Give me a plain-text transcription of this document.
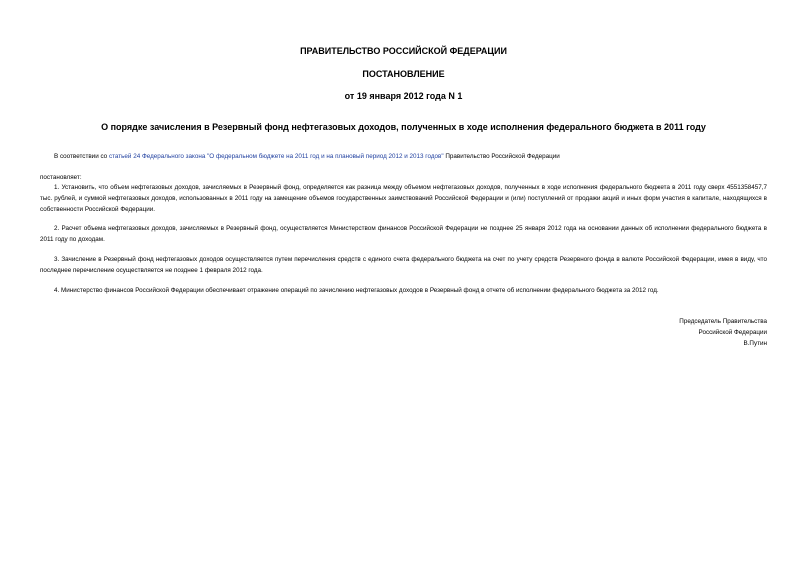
ПРАВИТЕЛЬСТВО РОССИЙСКОЙ ФЕДЕРАЦИИ
ПОСТАНОВЛЕНИЕ
от 19 января 2012 года N 1
О порядке зачисления в Резервный фонд нефтегазовых доходов, полученных в ходе исполнения федерального бюджета в 2011 году
В соответствии со статьей 24 Федерального закона "О федеральном бюджете на 2011 год и на плановый период 2012 и 2013 годов" Правительство Российской Федерации
постановляет:
1. Установить, что объем нефтегазовых доходов, зачисляемых в Резервный фонд, определяется как разница между объемом нефтегазовых доходов, полученных в ходе исполнения федерального бюджета в 2011 году сверх 4551358457,7 тыс. рублей, и суммой нефтегазовых доходов, использованных в 2011 году на замещение объемов государственных заимствований Российской Федерации и (или) поступлений от продажи акций и иных форм участия в капитале, находящихся в собственности Российской Федерации.
2. Расчет объема нефтегазовых доходов, зачисляемых в Резервный фонд, осуществляется Министерством финансов Российской Федерации не позднее 25 января 2012 года на основании данных об исполнении федерального бюджета в 2011 году по доходам.
3. Зачисление в Резервный фонд нефтегазовых доходов осуществляется путем перечисления средств с единого счета федерального бюджета на счет по учету средств Резервного фонда в валюте Российской Федерации, имея в виду, что последнее перечисление осуществляется не позднее 1 февраля 2012 года.
4. Министерство финансов Российской Федерации обеспечивает отражение операций по зачислению нефтегазовых доходов в Резервный фонд в отчете об исполнении федерального бюджета за 2012 год.
Председатель Правительства
Российской Федерации
В.Путин
